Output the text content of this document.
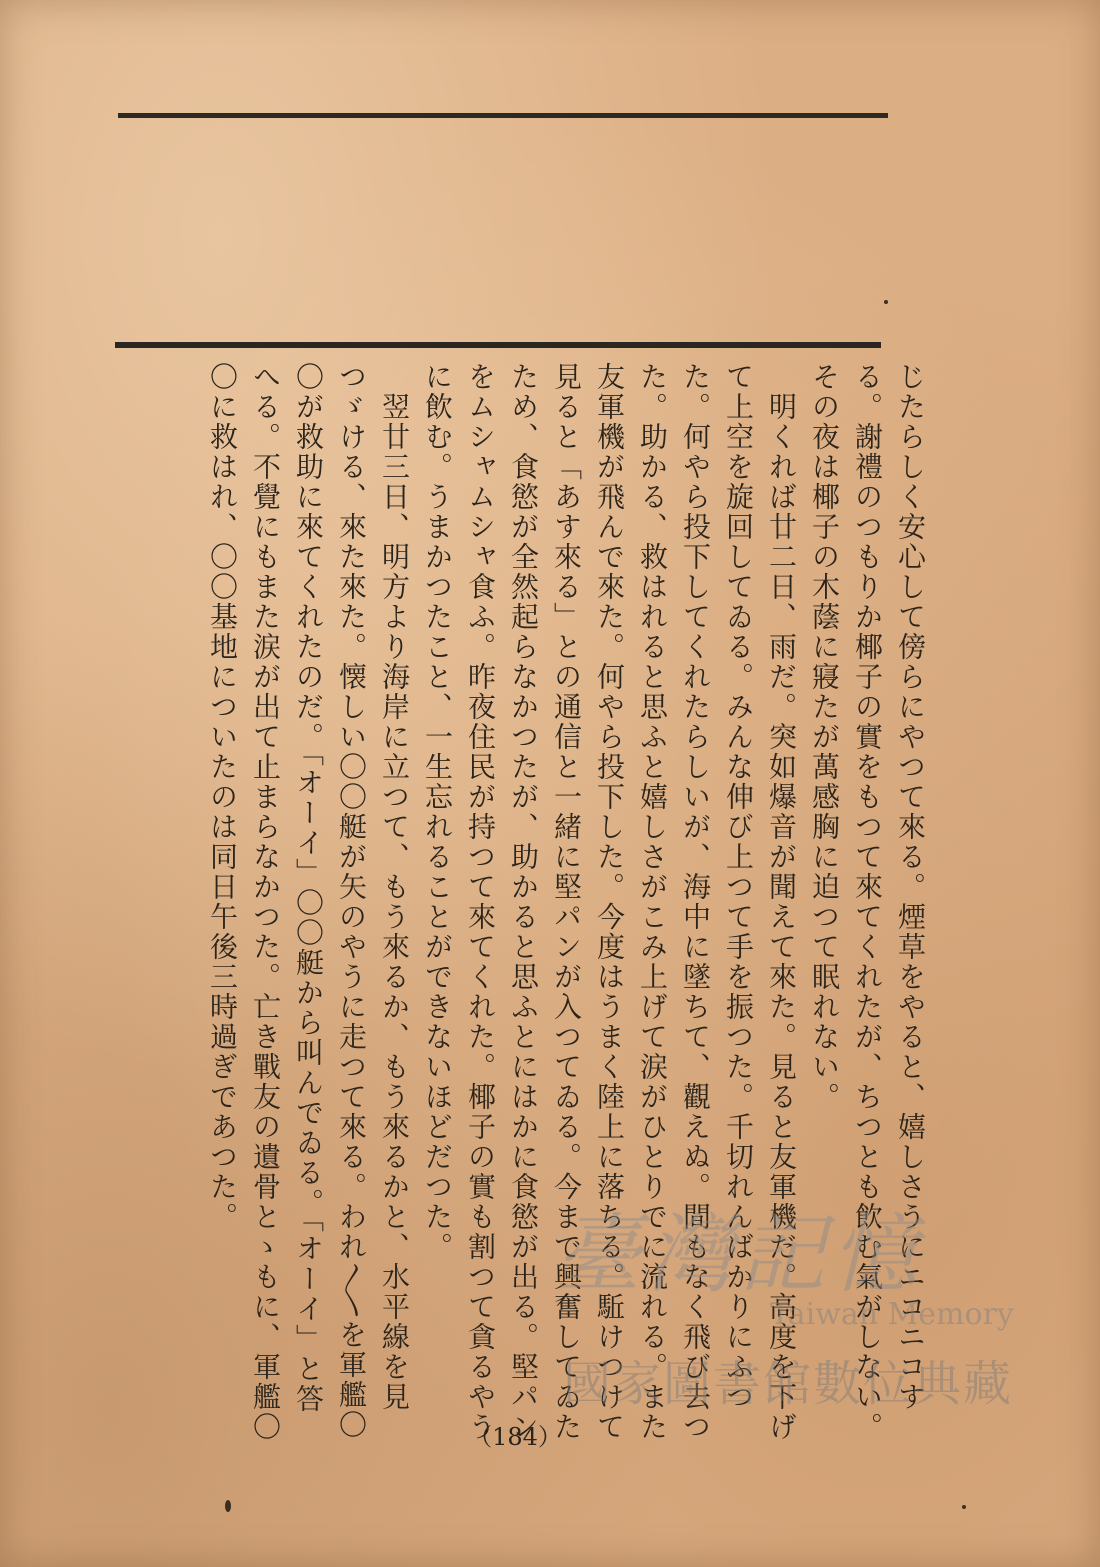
じたらしく安心して傍らにやつて來る。煙草をやると、嬉しさうにニコニコする。謝禮のつもりか椰子の實をもつて來てくれたが、ちつとも飲む氣がしない。その夜は椰子の木蔭に寢たが萬感胸に迫つて眠れない。

　明くれば廿二日、雨だ。突如爆音が聞えて來た。見ると友軍機だ。高度を下げて上空を旋回してゐる。みんな伸び上つて手を振つた。千切れんばかりにふつた。何やら投下してくれたらしいが、海中に墜ちて、觀えぬ。間もなく飛び去つた。助かる、救はれると思ふと嬉しさがこみ上げて涙がひとりでに流れる。また友軍機が飛んで來た。何やら投下した。今度はうまく陸上に落ちる。駈けつけて見ると「あす來る」との通信と一緒に堅パンが入つてゐる。今まで興奮してゐたため、食慾が全然起らなかつたが、助かると思ふとにはかに食慾が出る。堅パンをムシャムシャ食ふ。昨夜住民が持つて來てくれた。椰子の實も割つて貪るやうに飲む。うまかつたこと、一生忘れることができないほどだつた。

　翌廿三日、明方より海岸に立つて、もう來るか、もう來るかと、水平線を見つゞける、來た來た。懐しい〇〇艇が矢のやうに走つて來る。われ〳〵を軍艦〇〇が救助に來てくれたのだ。「オーイ」〇〇艇から叫んでゐる。「オーイ」と答へる。不覺にもまた涙が出て止まらなかつた。亡き戰友の遺骨とゝもに、軍艦〇〇に救はれ、〇〇基地についたのは同日午後三時過ぎであつた。

（184）
臺灣記憶
Taiwan Memory
國家圖書館數位典藏
